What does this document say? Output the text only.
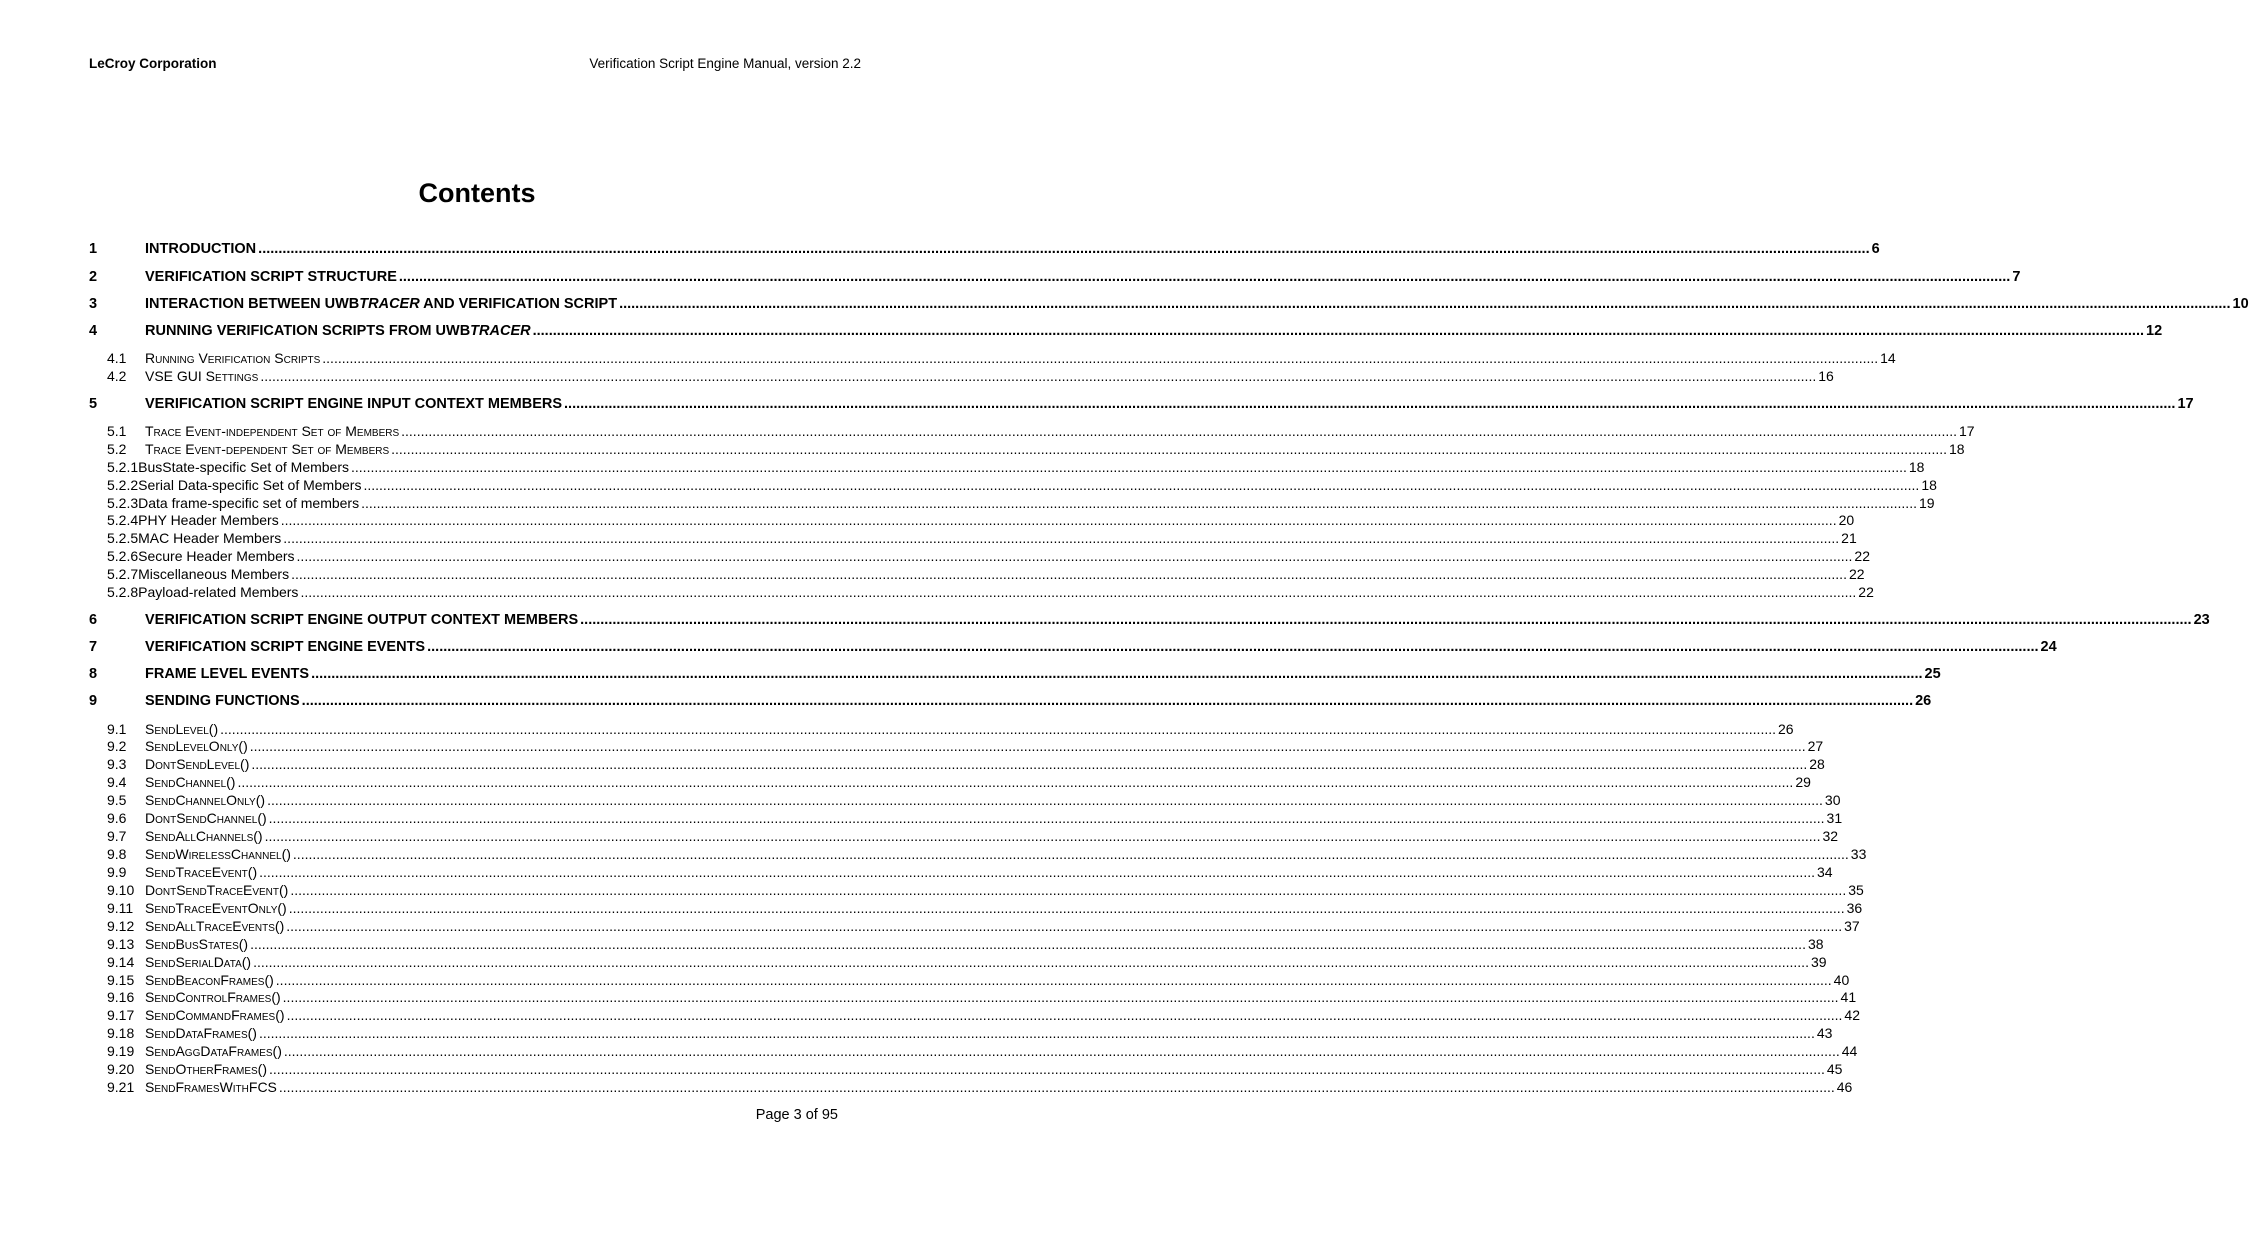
LeCroy Corporation	Verification Script Engine Manual, version 2.2
Contents
1	INTRODUCTION ................................................................................................................................................................................................................................................................................................................................................................................................................ 6
2	VERIFICATION SCRIPT STRUCTURE ................................................................................................................................................................................................................................................................................................................................................................................................................ 7
3	INTERACTION BETWEEN UWBTRACER AND VERIFICATION SCRIPT ................................................................................................................................................................................................................................................................................................................................................................................................................ 10
4	RUNNING VERIFICATION SCRIPTS FROM UWBTRACER ................................................................................................................................................................................................................................................................................................................................................................................................................ 12
4.1	Running Verification Scripts ................................................................................................................................................................................................................................................................................................................................................................................................................ 14
4.2	VSE GUI Settings ................................................................................................................................................................................................................................................................................................................................................................................................................ 16
5	VERIFICATION SCRIPT ENGINE INPUT CONTEXT MEMBERS ................................................................................................................................................................................................................................................................................................................................................................................................................ 17
5.1	Trace Event-independent Set of Members ................................................................................................................................................................................................................................................................................................................................................................................................................ 17
5.2	Trace Event-dependent Set of Members ................................................................................................................................................................................................................................................................................................................................................................................................................ 18
5.2.1 BusState-specific Set of Members ................................................................................................................................................................................................................................................................................................................................................................................................................ 18
5.2.2 Serial Data-specific Set of Members ................................................................................................................................................................................................................................................................................................................................................................................................................ 18
5.2.3 Data frame-specific set of members ................................................................................................................................................................................................................................................................................................................................................................................................................ 19
5.2.4 PHY Header Members ................................................................................................................................................................................................................................................................................................................................................................................................................ 20
5.2.5 MAC Header Members ................................................................................................................................................................................................................................................................................................................................................................................................................ 21
5.2.6 Secure Header Members ................................................................................................................................................................................................................................................................................................................................................................................................................ 22
5.2.7 Miscellaneous Members ................................................................................................................................................................................................................................................................................................................................................................................................................ 22
5.2.8 Payload-related Members ................................................................................................................................................................................................................................................................................................................................................................................................................ 22
6	VERIFICATION SCRIPT ENGINE OUTPUT CONTEXT MEMBERS ................................................................................................................................................................................................................................................................................................................................................................................................................ 23
7	VERIFICATION SCRIPT ENGINE EVENTS ................................................................................................................................................................................................................................................................................................................................................................................................................ 24
8	FRAME LEVEL EVENTS ................................................................................................................................................................................................................................................................................................................................................................................................................ 25
9	SENDING FUNCTIONS ................................................................................................................................................................................................................................................................................................................................................................................................................ 26
9.1	SendLevel() ................................................................................................................................................................................................................................................................................................................................................................................................................ 26
9.2	SendLevelOnly() ................................................................................................................................................................................................................................................................................................................................................................................................................ 27
9.3	DontSendLevel() ................................................................................................................................................................................................................................................................................................................................................................................................................ 28
9.4	SendChannel() ................................................................................................................................................................................................................................................................................................................................................................................................................ 29
9.5	SendChannelOnly() ................................................................................................................................................................................................................................................................................................................................................................................................................ 30
9.6	DontSendChannel() ................................................................................................................................................................................................................................................................................................................................................................................................................ 31
9.7	SendAllChannels() ................................................................................................................................................................................................................................................................................................................................................................................................................ 32
9.8	SendWirelessChannel() ................................................................................................................................................................................................................................................................................................................................................................................................................ 33
9.9	SendTraceEvent() ................................................................................................................................................................................................................................................................................................................................................................................................................ 34
9.10 DontSendTraceEvent() ................................................................................................................................................................................................................................................................................................................................................................................................................ 35
9.11 SendTraceEventOnly() ................................................................................................................................................................................................................................................................................................................................................................................................................ 36
9.12 SendAllTraceEvents() ................................................................................................................................................................................................................................................................................................................................................................................................................ 37
9.13 SendBusStates() ................................................................................................................................................................................................................................................................................................................................................................................................................ 38
9.14 SendSerialData() ................................................................................................................................................................................................................................................................................................................................................................................................................ 39
9.15 SendBeaconFrames() ................................................................................................................................................................................................................................................................................................................................................................................................................ 40
9.16 SendControlFrames() ................................................................................................................................................................................................................................................................................................................................................................................................................ 41
9.17 SendCommandFrames() ................................................................................................................................................................................................................................................................................................................................................................................................................ 42
9.18 SendDataFrames() ................................................................................................................................................................................................................................................................................................................................................................................................................ 43
9.19 SendAggDataFrames() ................................................................................................................................................................................................................................................................................................................................................................................................................ 44
9.20 SendOtherFrames() ................................................................................................................................................................................................................................................................................................................................................................................................................ 45
9.21 SendFramesWithFCS ................................................................................................................................................................................................................................................................................................................................................................................................................ 46
Page 3 of 95
